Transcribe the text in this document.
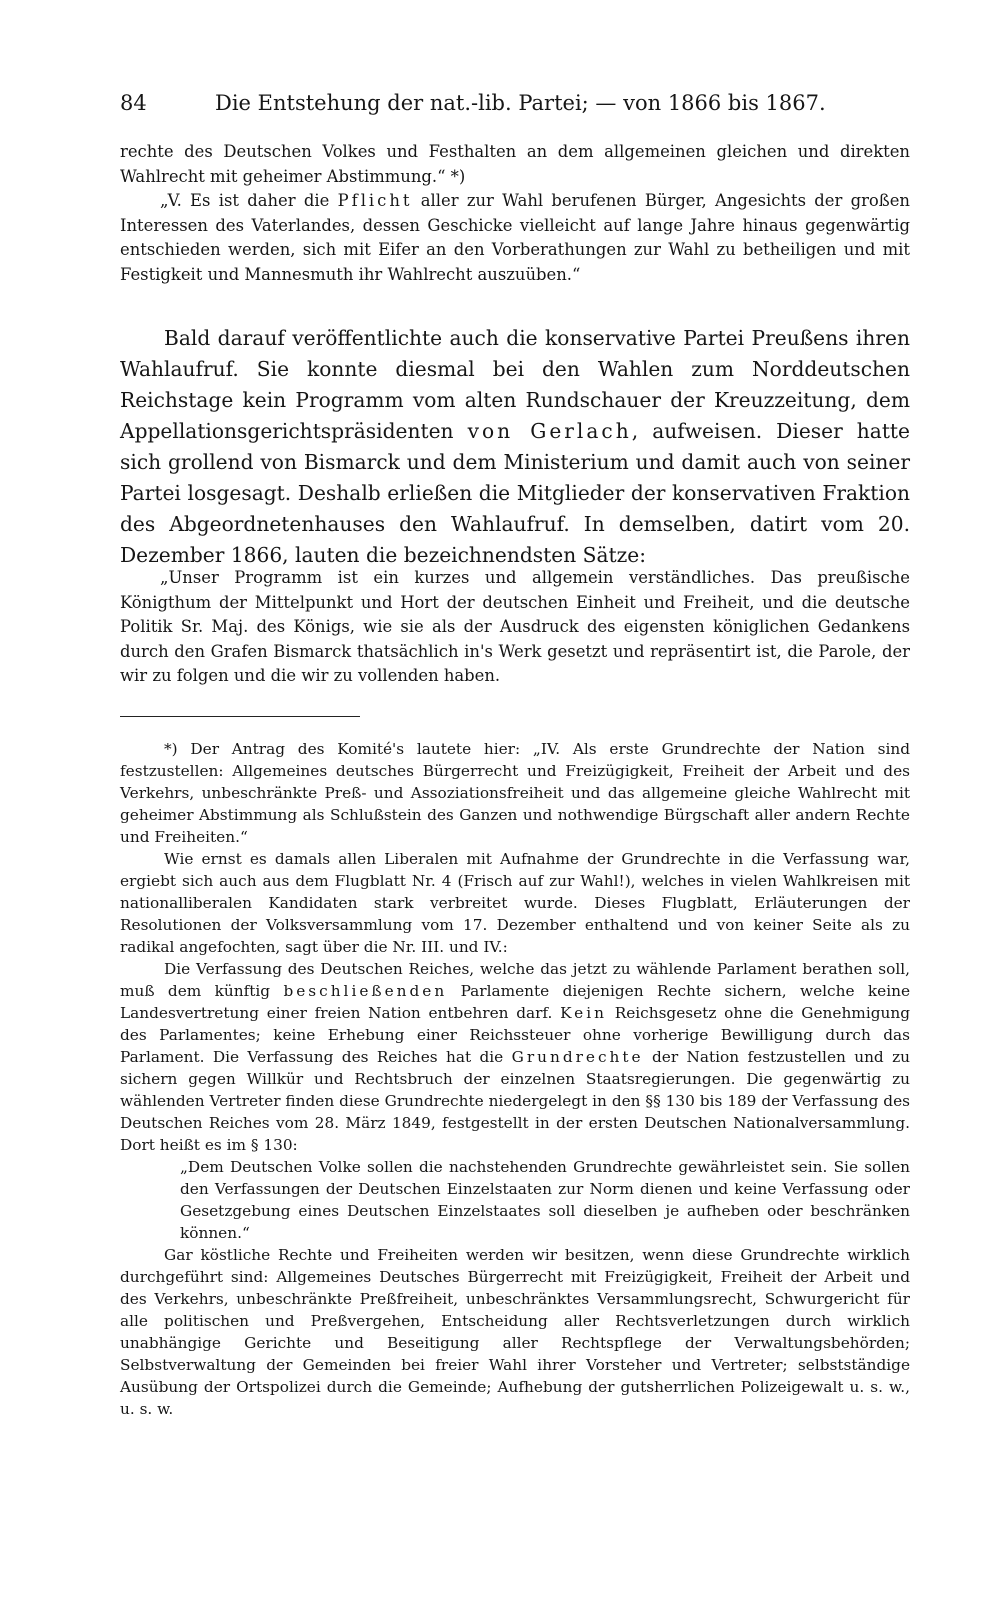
84	Die Entstehung der nat.-lib. Partei; — von 1866 bis 1867.

rechte des Deutschen Volkes und Festhalten an dem allgemeinen gleichen und direkten Wahlrecht mit geheimer Abstimmung.“ *)

„V. Es ist daher die Pflicht aller zur Wahl berufenen Bürger, Angesichts der großen Interessen des Vaterlandes, dessen Geschicke vielleicht auf lange Jahre hinaus gegenwärtig entschieden werden, sich mit Eifer an den Vorberathungen zur Wahl zu betheiligen und mit Festigkeit und Mannesmuth ihr Wahlrecht auszuüben.“

Bald darauf veröffentlichte auch die konservative Partei Preußens ihren Wahlaufruf. Sie konnte diesmal bei den Wahlen zum Norddeutschen Reichstage kein Programm vom alten Rundschauer der Kreuzzeitung, dem Appellationsgerichtspräsidenten von Gerlach, aufweisen. Dieser hatte sich grollend von Bismarck und dem Ministerium und damit auch von seiner Partei losgesagt. Deshalb erließen die Mitglieder der konservativen Fraktion des Abgeordnetenhauses den Wahlaufruf. In demselben, datirt vom 20. Dezember 1866, lauten die bezeichnendsten Sätze:

„Unser Programm ist ein kurzes und allgemein verständliches. Das preußische Königthum der Mittelpunkt und Hort der deutschen Einheit und Freiheit, und die deutsche Politik Sr. Maj. des Königs, wie sie als der Ausdruck des eigensten königlichen Gedankens durch den Grafen Bismarck thatsächlich in's Werk gesetzt und repräsentirt ist, die Parole, der wir zu folgen und die wir zu vollenden haben.

*) Der Antrag des Komité's lautete hier: „IV. Als erste Grundrechte der Nation sind festzustellen: Allgemeines deutsches Bürgerrecht und Freizügigkeit, Freiheit der Arbeit und des Verkehrs, unbeschränkte Preß- und Assoziationsfreiheit und das allgemeine gleiche Wahlrecht mit geheimer Abstimmung als Schlußstein des Ganzen und nothwendige Bürgschaft aller andern Rechte und Freiheiten.“

Wie ernst es damals allen Liberalen mit Aufnahme der Grundrechte in die Verfassung war, ergiebt sich auch aus dem Flugblatt Nr. 4 (Frisch auf zur Wahl!), welches in vielen Wahlkreisen mit nationalliberalen Kandidaten stark verbreitet wurde. Dieses Flugblatt, Erläuterungen der Resolutionen der Volksversammlung vom 17. Dezember enthaltend und von keiner Seite als zu radikal angefochten, sagt über die Nr. III. und IV.:

Die Verfassung des Deutschen Reiches, welche das jetzt zu wählende Parlament berathen soll, muß dem künftig beschließenden Parlamente diejenigen Rechte sichern, welche keine Landesvertretung einer freien Nation entbehren darf. Kein Reichsgesetz ohne die Genehmigung des Parlamentes; keine Erhebung einer Reichssteuer ohne vorherige Bewilligung durch das Parlament. Die Verfassung des Reiches hat die Grundrechte der Nation festzustellen und zu sichern gegen Willkür und Rechtsbruch der einzelnen Staatsregierungen. Die gegenwärtig zu wählenden Vertreter finden diese Grundrechte niedergelegt in den §§ 130 bis 189 der Verfassung des Deutschen Reiches vom 28. März 1849, festgestellt in der ersten Deutschen Nationalversammlung. Dort heißt es im § 130:

„Dem Deutschen Volke sollen die nachstehenden Grundrechte gewährleistet sein. Sie sollen den Verfassungen der Deutschen Einzelstaaten zur Norm dienen und keine Verfassung oder Gesetzgebung eines Deutschen Einzelstaates soll dieselben je aufheben oder beschränken können.“

Gar köstliche Rechte und Freiheiten werden wir besitzen, wenn diese Grundrechte wirklich durchgeführt sind: Allgemeines Deutsches Bürgerrecht mit Freizügigkeit, Freiheit der Arbeit und des Verkehrs, unbeschränkte Preßfreiheit, unbeschränktes Versammlungsrecht, Schwurgericht für alle politischen und Preßvergehen, Entscheidung aller Rechtsverletzungen durch wirklich unabhängige Gerichte und Beseitigung aller Rechtspflege der Verwaltungsbehörden; Selbstverwaltung der Gemeinden bei freier Wahl ihrer Vorsteher und Vertreter; selbstständige Ausübung der Ortspolizei durch die Gemeinde; Aufhebung der gutsherrlichen Polizeigewalt u. s. w., u. s. w.
